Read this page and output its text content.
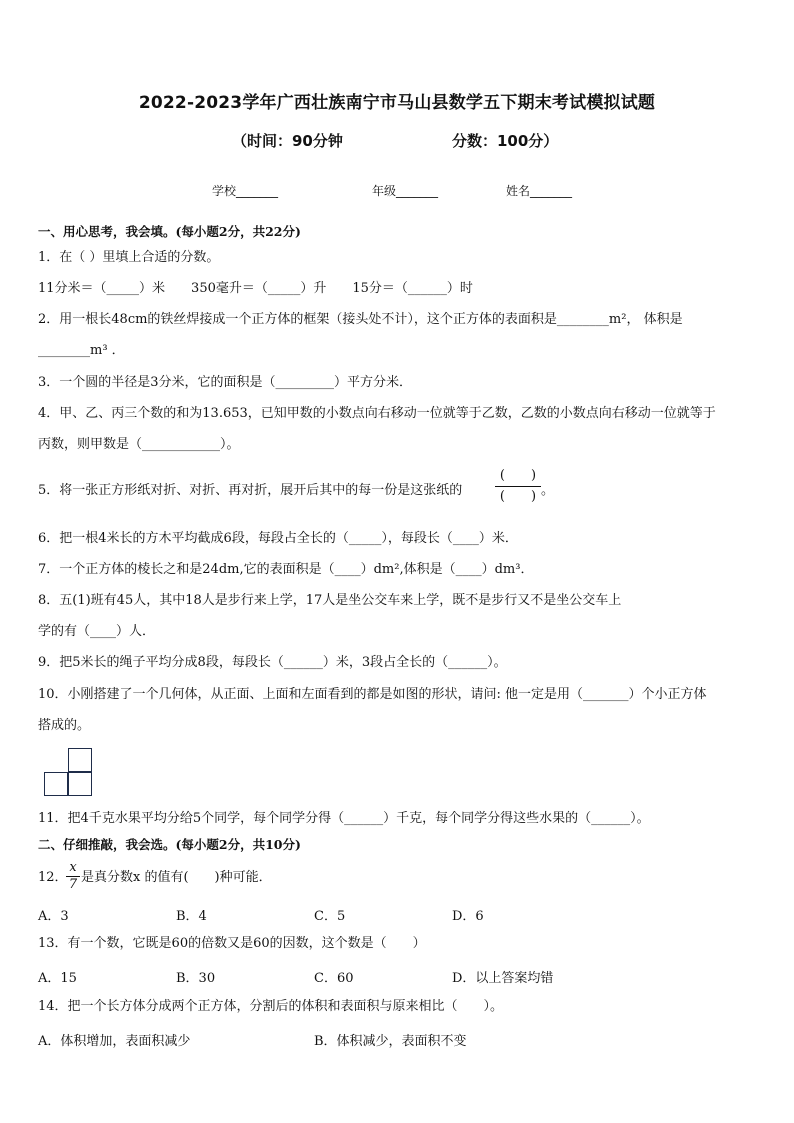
2022-2023学年广西壮族南宁市马山县数学五下期末考试模拟试题
（时间：90分钟	分数：100分）
学校_______	年级_______	姓名_______
一、用心思考，我会填。(每小题2分，共22分)
1．在（ ）里填上合适的分数。
11分米＝（_____）米　　350毫升＝（_____）升　　15分＝（______）时
2．用一根长48cm的铁丝焊接成一个正方体的框架（接头处不计），这个正方体的表面积是________m²， 体积是
________m³ ．
3．一个圆的半径是3分米，它的面积是（_________）平方分米．
4．甲、乙、丙三个数的和为13.653，已知甲数的小数点向右移动一位就等于乙数，乙数的小数点向右移动一位就等于
丙数，则甲数是（____________）。
5．将一张正方形纸对折、对折、再对折，展开后其中的每一份是这张纸的
(　　)
(　　) 。
6．把一根4米长的方木平均截成6段，每段占全长的（_____），每段长（____）米．
7．一个正方体的棱长之和是24dm,它的表面积是（____）dm²,体积是（____）dm³．
8．五(1)班有45人，其中18人是步行来上学，17人是坐公交车来上学，既不是步行又不是坐公交车上
学的有（____）人．
9．把5米长的绳子平均分成8段，每段长（______）米，3段占全长的（______）。
10．小刚搭建了一个几何体，从正面、上面和左面看到的都是如图的形状，请问: 他一定是用（_______）个小正方体
搭成的。
11．把4千克水果平均分给5个同学，每个同学分得（______）千克，每个同学分得这些水果的（______）。
二、仔细推敲，我会选。(每小题2分，共10分)
12．
$\frac{x}{7}$ 是真分数x 的值有(　　)种可能．
A．3	B．4	C．5	D．6
13．有一个数，它既是60的倍数又是60的因数，这个数是（　　）
A．15	B．30	C．60	D．以上答案均错
14．把一个长方体分成两个正方体，分割后的体积和表面积与原来相比（　　）。
A．体积增加，表面积减少	B．体积减少，表面积不变
